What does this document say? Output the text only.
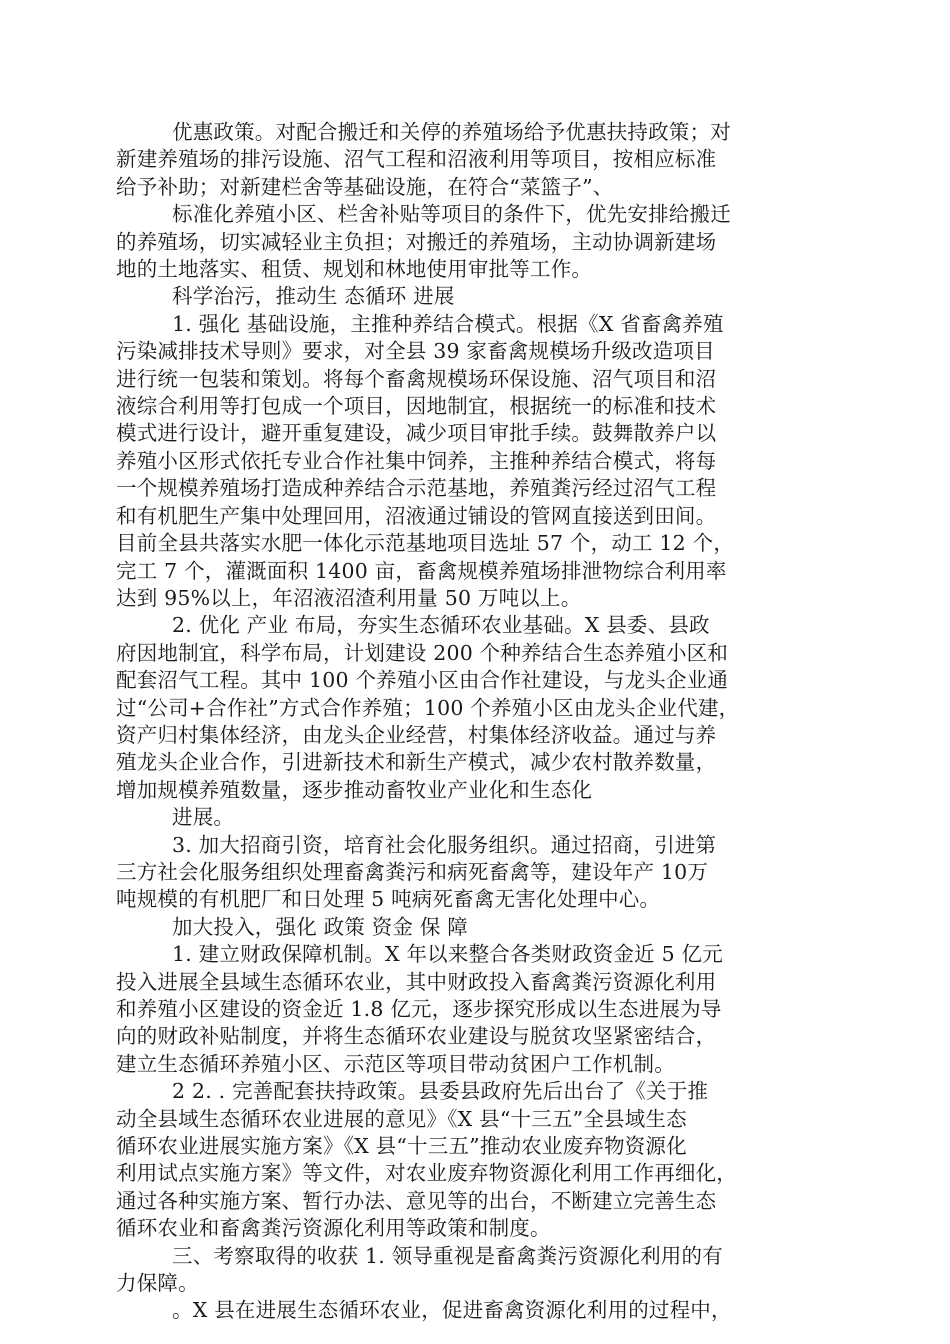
优惠政策。对配合搬迁和关停的养殖场给予优惠扶持政策；对
新建养殖场的排污设施、沼气工程和沼液利用等项目，按相应标准
给予补助；对新建栏舍等基础设施，在符合“菜篮子”、
标准化养殖小区、栏舍补贴等项目的条件下，优先安排给搬迁
的养殖场，切实减轻业主负担；对搬迁的养殖场，主动协调新建场
地的土地落实、租赁、规划和林地使用审批等工作。
科学治污，推动生 态循环 进展
1. 强化 基础设施，主推种养结合模式。根据《X 省畜禽养殖
污染减排技术导则》要求，对全县 39 家畜禽规模场升级改造项目
进行统一包装和策划。将每个畜禽规模场环保设施、沼气项目和沼
液综合利用等打包成一个项目，因地制宜，根据统一的标准和技术
模式进行设计，避开重复建设，减少项目审批手续。鼓舞散养户以
养殖小区形式依托专业合作社集中饲养，主推种养结合模式，将每
一个规模养殖场打造成种养结合示范基地，养殖粪污经过沼气工程
和有机肥生产集中处理回用，沼液通过铺设的管网直接送到田间。
目前全县共落实水肥一体化示范基地项目选址 57 个，动工 12 个，
完工 7 个，灌溉面积 1400 亩，畜禽规模养殖场排泄物综合利用率
达到 95%以上，年沼液沼渣利用量 50 万吨以上。
2. 优化 产业 布局，夯实生态循环农业基础。X 县委、县政
府因地制宜，科学布局，计划建设 200 个种养结合生态养殖小区和
配套沼气工程。其中 100 个养殖小区由合作社建设，与龙头企业通
过“公司+合作社”方式合作养殖；100 个养殖小区由龙头企业代建，
资产归村集体经济，由龙头企业经营，村集体经济收益。通过与养
殖龙头企业合作，引进新技术和新生产模式，减少农村散养数量，
增加规模养殖数量，逐步推动畜牧业产业化和生态化
进展。
3. 加大招商引资，培育社会化服务组织。通过招商，引进第
三方社会化服务组织处理畜禽粪污和病死畜禽等，建设年产 10万
吨规模的有机肥厂和日处理 5 吨病死畜禽无害化处理中心。
加大投入，强化 政策 资金 保 障
1. 建立财政保障机制。X 年以来整合各类财政资金近 5 亿元
投入进展全县域生态循环农业，其中财政投入畜禽粪污资源化利用
和养殖小区建设的资金近 1.8 亿元，逐步探究形成以生态进展为导
向的财政补贴制度，并将生态循环农业建设与脱贫攻坚紧密结合，
建立生态循环养殖小区、示范区等项目带动贫困户工作机制。
2 2. . 完善配套扶持政策。县委县政府先后出台了《关于推
动全县域生态循环农业进展的意见》《X 县“十三五”全县域生态
循环农业进展实施方案》《X 县“十三五”推动农业废弃物资源化
利用试点实施方案》等文件，对农业废弃物资源化利用工作再细化，
通过各种实施方案、暂行办法、意见等的出台，不断建立完善生态
循环农业和畜禽粪污资源化利用等政策和制度。
三、考察取得的收获 1. 领导重视是畜禽粪污资源化利用的有
力保障。
。X 县在进展生态循环农业，促进畜禽资源化利用的过程中，
